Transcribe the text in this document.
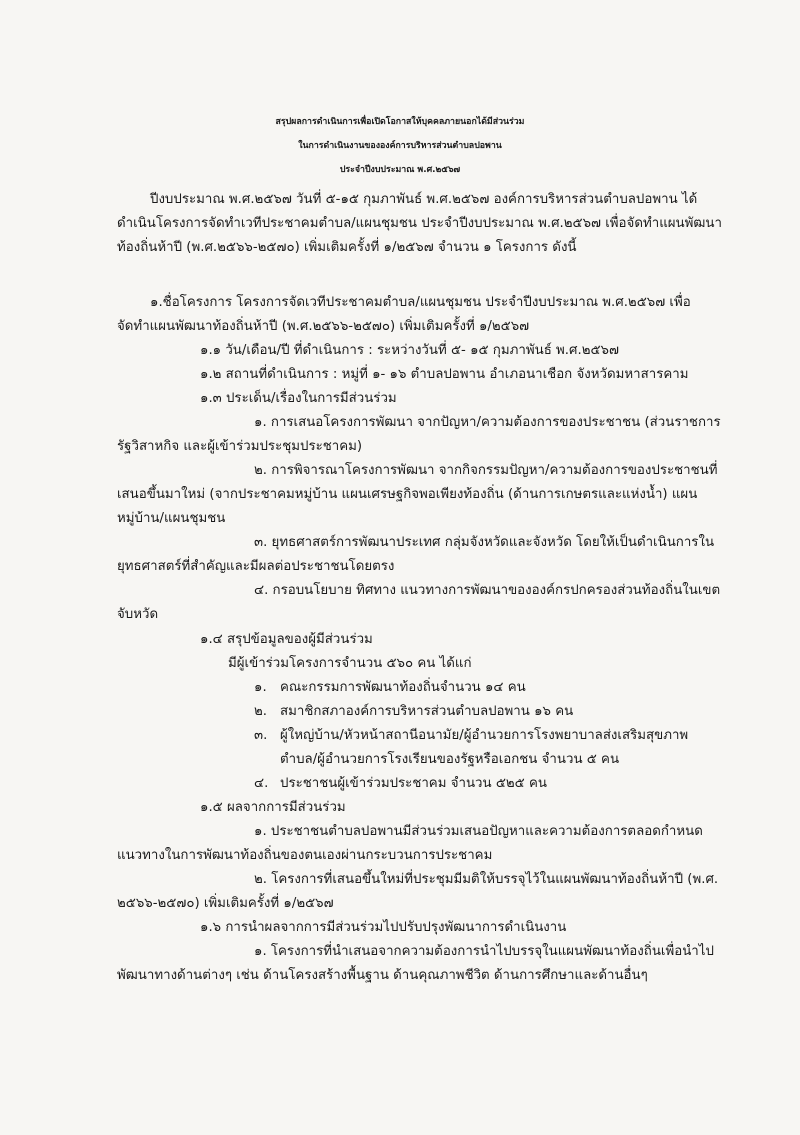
สรุปผลการดำเนินการเพื่อเปิดโอกาสให้บุคคลภายนอกได้มีส่วนร่วม
ในการดำเนินงานขององค์การบริหารส่วนตำบลปอพาน
ประจำปีงบประมาณ พ.ศ.๒๕๖๗
ปีงบประมาณ พ.ศ.๒๕๖๗ วันที่ ๕-๑๕ กุมภาพันธ์ พ.ศ.๒๕๖๗ องค์การบริหารส่วนตำบลปอพาน ได้
ดำเนินโครงการจัดทำเวทีประชาคมตำบล/แผนชุมชน ประจำปีงบประมาณ พ.ศ.๒๕๖๗ เพื่อจัดทำแผนพัฒนา
ท้องถิ่นห้าปี (พ.ศ.๒๕๖๖-๒๕๗๐) เพิ่มเติมครั้งที่ ๑/๒๕๖๗ จำนวน ๑ โครงการ ดังนี้
๑.ชื่อโครงการ โครงการจัดเวทีประชาคมตำบล/แผนชุมชน ประจำปีงบประมาณ พ.ศ.๒๕๖๗ เพื่อ
จัดทำแผนพัฒนาท้องถิ่นห้าปี (พ.ศ.๒๕๖๖-๒๕๗๐) เพิ่มเติมครั้งที่ ๑/๒๕๖๗
๑.๑ วัน/เดือน/ปี ที่ดำเนินการ : ระหว่างวันที่ ๕- ๑๕ กุมภาพันธ์ พ.ศ.๒๕๖๗
๑.๒ สถานที่ดำเนินการ : หมู่ที่ ๑- ๑๖ ตำบลปอพาน อำเภอนาเชือก จังหวัดมหาสารคาม
๑.๓ ประเด็น/เรื่องในการมีส่วนร่วม
๑. การเสนอโครงการพัฒนา จากปัญหา/ความต้องการของประชาชน (ส่วนราชการ
รัฐวิสาหกิจ และผู้เข้าร่วมประชุมประชาคม)
๒. การพิจารณาโครงการพัฒนา จากกิจกรรมปัญหา/ความต้องการของประชาชนที่
เสนอขึ้นมาใหม่ (จากประชาคมหมู่บ้าน แผนเศรษฐกิจพอเพียงท้องถิ่น (ด้านการเกษตรและแห่งน้ำ) แผน
หมู่บ้าน/แผนชุมชน
๓. ยุทธศาสตร์การพัฒนาประเทศ กลุ่มจังหวัดและจังหวัด โดยให้เป็นดำเนินการใน
ยุทธศาสตร์ที่สำคัญและมีผลต่อประชาชนโดยตรง
๔. กรอบนโยบาย ทิศทาง แนวทางการพัฒนาขององค์กรปกครองส่วนท้องถิ่นในเขต
จับหวัด
๑.๔ สรุปข้อมูลของผู้มีส่วนร่วม
มีผู้เข้าร่วมโครงการจำนวน ๕๖๐ คน ได้แก่
๑. คณะกรรมการพัฒนาท้องถิ่นจำนวน ๑๔ คน
๒. สมาชิกสภาองค์การบริหารส่วนตำบลปอพาน ๑๖ คน
๓. ผู้ใหญ่บ้าน/หัวหน้าสถานีอนามัย/ผู้อำนวยการโรงพยาบาลส่งเสริมสุขภาพ
ตำบล/ผู้อำนวยการโรงเรียนของรัฐหรือเอกชน จำนวน ๕ คน
๔. ประชาชนผู้เข้าร่วมประชาคม จำนวน ๕๒๕ คน
๑.๕ ผลจากการมีส่วนร่วม
๑. ประชาชนตำบลปอพานมีส่วนร่วมเสนอปัญหาและความต้องการตลอดกำหนด
แนวทางในการพัฒนาท้องถิ่นของตนเองผ่านกระบวนการประชาคม
๒. โครงการที่เสนอขึ้นใหม่ที่ประชุมมีมติให้บรรจุไว้ในแผนพัฒนาท้องถิ่นห้าปี (พ.ศ.
๒๕๖๖-๒๕๗๐) เพิ่มเติมครั้งที่ ๑/๒๕๖๗
๑.๖ การนำผลจากการมีส่วนร่วมไปปรับปรุงพัฒนาการดำเนินงาน
๑. โครงการที่นำเสนอจากความต้องการนำไปบรรจุในแผนพัฒนาท้องถิ่นเพื่อนำไป
พัฒนาทางด้านต่างๆ เช่น ด้านโครงสร้างพื้นฐาน ด้านคุณภาพชีวิต ด้านการศึกษาและด้านอื่นๆ
